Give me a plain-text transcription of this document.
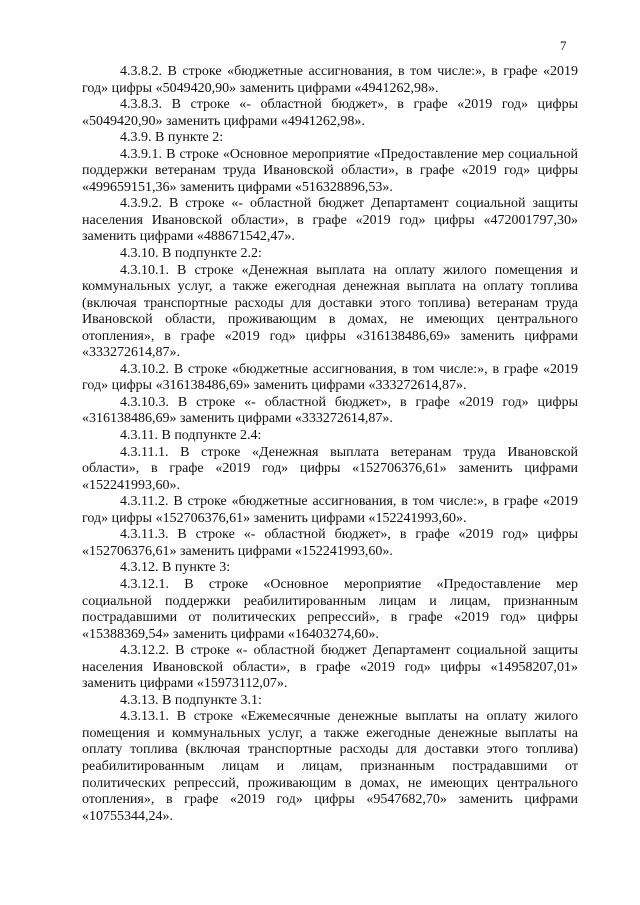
7

4.3.8.2. В строке «бюджетные ассигнования, в том числе:», в графе «2019 год» цифры «5049420,90» заменить цифрами «4941262,98».

4.3.8.3. В строке «- областной бюджет», в графе «2019 год» цифры «5049420,90» заменить цифрами «4941262,98».

4.3.9. В пункте 2:

4.3.9.1. В строке «Основное мероприятие «Предоставление мер социальной поддержки ветеранам труда Ивановской области», в графе «2019 год» цифры «499659151,36» заменить цифрами «516328896,53».

4.3.9.2. В строке «- областной бюджет Департамент социальной защиты населения Ивановской области», в графе «2019 год» цифры «472001797,30» заменить цифрами «488671542,47».

4.3.10. В подпункте 2.2:

4.3.10.1. В строке «Денежная выплата на оплату жилого помещения и коммунальных услуг, а также ежегодная денежная выплата на оплату топлива (включая транспортные расходы для доставки этого топлива) ветеранам труда Ивановской области, проживающим в домах, не имеющих центрального отопления», в графе «2019 год» цифры «316138486,69» заменить цифрами «333272614,87».

4.3.10.2. В строке «бюджетные ассигнования, в том числе:», в графе «2019 год» цифры «316138486,69» заменить цифрами «333272614,87».

4.3.10.3. В строке «- областной бюджет», в графе «2019 год» цифры «316138486,69» заменить цифрами «333272614,87».

4.3.11. В подпункте 2.4:

4.3.11.1. В строке «Денежная выплата ветеранам труда Ивановской области», в графе «2019 год» цифры «152706376,61» заменить цифрами «152241993,60».

4.3.11.2. В строке «бюджетные ассигнования, в том числе:», в графе «2019 год» цифры «152706376,61» заменить цифрами «152241993,60».

4.3.11.3. В строке «- областной бюджет», в графе «2019 год» цифры «152706376,61» заменить цифрами «152241993,60».

4.3.12. В пункте 3:

4.3.12.1. В строке «Основное мероприятие «Предоставление мер социальной поддержки реабилитированным лицам и лицам, признанным пострадавшими от политических репрессий», в графе «2019 год» цифры «15388369,54» заменить цифрами «16403274,60».

4.3.12.2. В строке «- областной бюджет Департамент социальной защиты населения Ивановской области», в графе «2019 год» цифры «14958207,01» заменить цифрами «15973112,07».

4.3.13. В подпункте 3.1:

4.3.13.1. В строке «Ежемесячные денежные выплаты на оплату жилого помещения и коммунальных услуг, а также ежегодные денежные выплаты на оплату топлива (включая транспортные расходы для доставки этого топлива) реабилитированным лицам и лицам, признанным пострадавшими от политических репрессий, проживающим в домах, не имеющих центрального отопления», в графе «2019 год» цифры «9547682,70» заменить цифрами «10755344,24».
